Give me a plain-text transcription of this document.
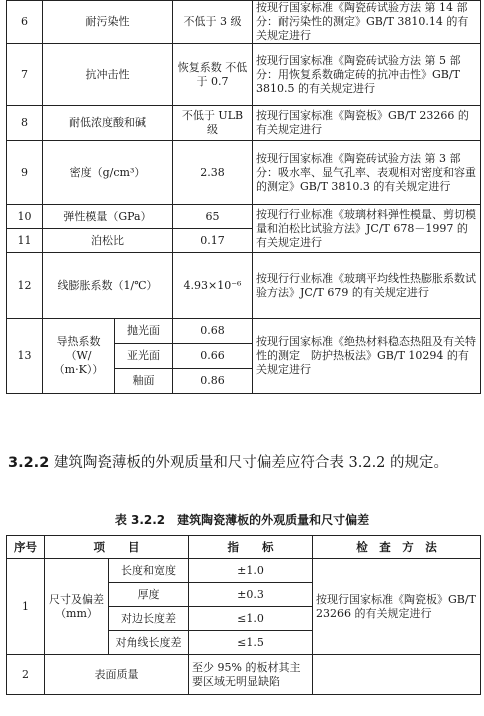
6	耐污染性		不低于 3 级	按现行国家标准《陶瓷砖试验方法 第 14 部分：耐污染性的测定》GB/T 3810.14 的有关规定进行
7	抗冲击性		恢复系数 不低于 0.7	按现行国家标准《陶瓷砖试验方法 第 5 部分：用恢复系数确定砖的抗冲击性》GB/T 3810.5 的有关规定进行
8	耐低浓度酸和碱		不低于 ULB 级	按现行国家标准《陶瓷板》GB/T 23266 的有关规定进行
9	密度（g/cm³）		2.38	按现行国家标准《陶瓷砖试验方法 第 3 部分：吸水率、显气孔率、表观相对密度和容重的测定》GB/T 3810.3 的有关规定进行
10	弹性模量（GPa）		65	按现行行业标准《玻璃材料弹性模量、剪切模量和泊松比试验方法》JC/T 678－1997 的有关规定进行
11	泊松比		0.17	
12	线膨胀系数（1/℃）		4.93×10⁻⁶	按现行行业标准《玻璃平均线性热膨胀系数试验方法》JC/T 679 的有关规定进行
13	导热系数（W/（m·K））	抛光面	0.68	按现行国家标准《绝热材料稳态热阻及有关特性的测定　防护热板法》GB/T 10294 的有关规定进行
		亚光面	0.66	
		釉面	0.86	
3.2.2 建筑陶瓷薄板的外观质量和尺寸偏差应符合表 3.2.2 的规定。
表 3.2.2　建筑陶瓷薄板的外观质量和尺寸偏差
序号	项　　目		指　　标	检　查　方　法
1	尺寸及偏差（mm）	长度和宽度	±1.0	按现行国家标准《陶瓷板》GB/T 23266 的有关规定进行
		厚度	±0.3	
		对边长度差	≤1.0	
		对角线长度差	≤1.5	
2	表面质量		至少 95% 的板材其主要区域无明显缺陷	
